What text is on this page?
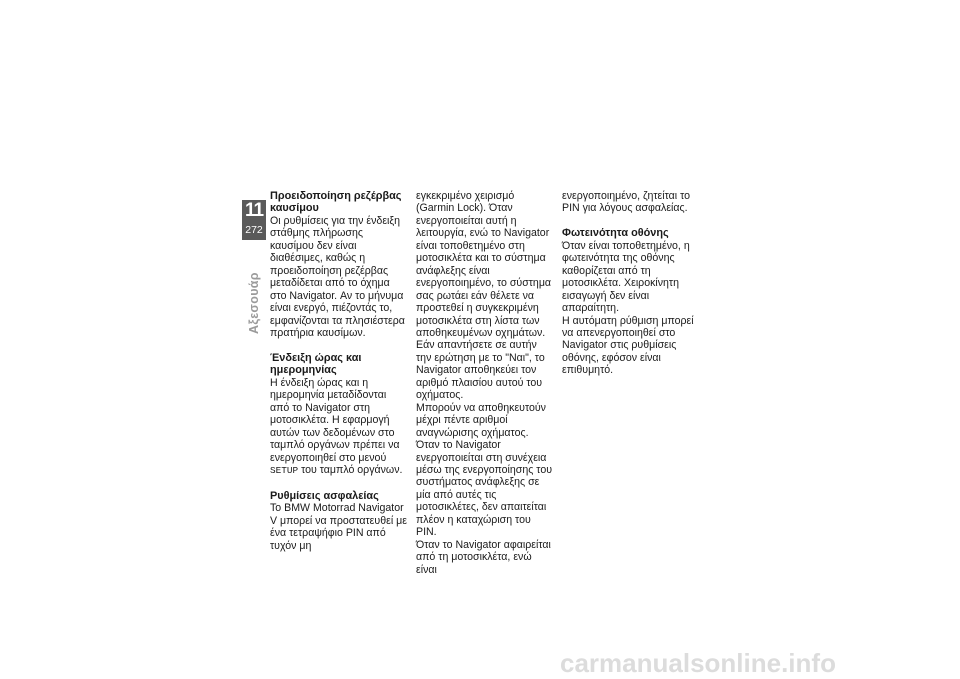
11
272
Αξεσουάρ
Προειδοποίηση ρεζέρβας καυσίμου

Οι ρυθμίσεις για την ένδειξη στάθμης πλήρωσης καυσίμου δεν είναι διαθέσιμες, καθώς η προειδοποίηση ρεζέρβας μεταδίδεται από το όχημα στο Navigator. Αν το μήνυμα είναι ενεργό, πιέζοντάς το, εμφανίζονται τα πλησιέστερα πρατήρια καυσίμων.

Ένδειξη ώρας και ημερομηνίας

Η ένδειξη ώρας και η ημερομηνία μεταδίδονται από το Navigator στη μοτοσικλέτα. Η εφαρμογή αυτών των δεδομένων στο ταμπλό οργάνων πρέπει να ενεργοποιηθεί στο μενού SETUP του ταμπλό οργάνων.

Ρυθμίσεις ασφαλείας

Το BMW Motorrad Navigator V μπορεί να προστατευθεί με ένα τετραψήφιο PIN από τυχόν μη

εγκεκριμένο χειρισμό (Garmin Lock). Όταν ενεργοποιείται αυτή η λειτουργία, ενώ το Navigator είναι τοποθετημένο στη μοτοσικλέτα και το σύστημα ανάφλεξης είναι ενεργοποιημένο, το σύστημα σας ρωτάει εάν θέλετε να προστεθεί η συγκεκριμένη μοτοσικλέτα στη λίστα των αποθηκευμένων οχημάτων. Εάν απαντήσετε σε αυτήν την ερώτηση με το "Ναι", το Navigator αποθηκεύει τον αριθμό πλαισίου αυτού του οχήματος.

Μπορούν να αποθηκευτούν μέχρι πέντε αριθμοί αναγνώρισης οχήματος.

Όταν το Navigator ενεργοποιείται στη συνέχεια μέσω της ενεργοποίησης του συστήματος ανάφλεξης σε μία από αυτές τις μοτοσικλέτες, δεν απαιτείται πλέον η καταχώριση του PIN.

Όταν το Navigator αφαιρείται από τη μοτοσικλέτα, ενώ είναι

ενεργοποιημένο, ζητείται το PIN για λόγους ασφαλείας.

Φωτεινότητα οθόνης

Όταν είναι τοποθετημένο, η φωτεινότητα της οθόνης καθορίζεται από τη μοτοσικλέτα. Χειροκίνητη εισαγωγή δεν είναι απαραίτητη.

Η αυτόματη ρύθμιση μπορεί να απενεργοποιηθεί στο Navigator στις ρυθμίσεις οθόνης, εφόσον είναι επιθυμητό.

carmanualsonline.info
